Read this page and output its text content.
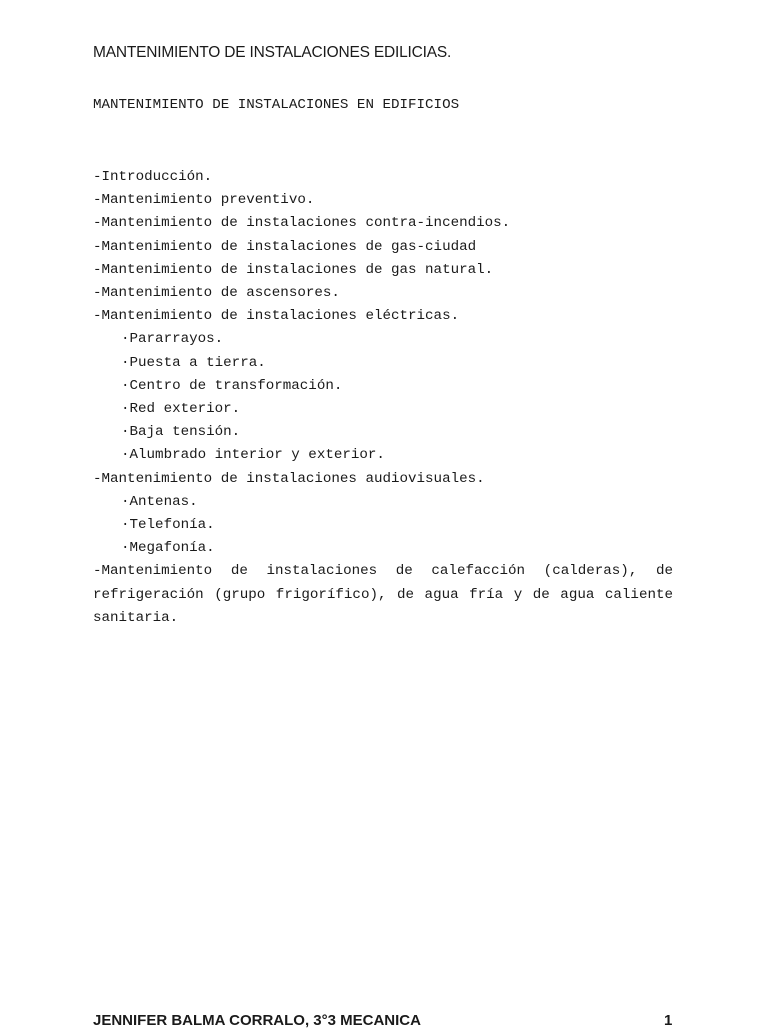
MANTENIMIENTO DE INSTALACIONES EDILICIAS.
MANTENIMIENTO DE INSTALACIONES EN EDIFICIOS
-Introducción.
-Mantenimiento preventivo.
-Mantenimiento de instalaciones contra-incendios.
-Mantenimiento de instalaciones de gas-ciudad
-Mantenimiento de instalaciones de gas natural.
-Mantenimiento de ascensores.
-Mantenimiento de instalaciones eléctricas.
·Pararrayos.
·Puesta a tierra.
·Centro de transformación.
·Red exterior.
·Baja tensión.
·Alumbrado interior y exterior.
-Mantenimiento de instalaciones audiovisuales.
·Antenas.
·Telefonía.
·Megafonía.
-Mantenimiento de instalaciones de calefacción (calderas), de refrigeración (grupo frigorífico), de agua fría y de agua caliente sanitaria.
JENNIFER BALMA CORRALO, 3°3 MECANICA	1
